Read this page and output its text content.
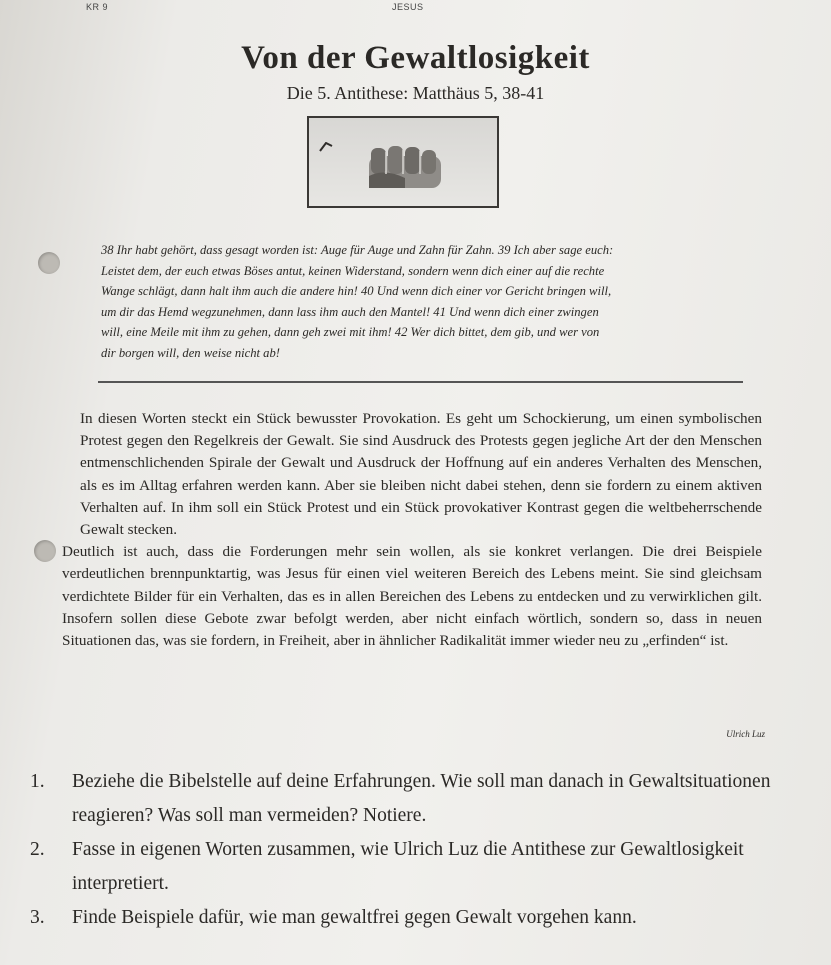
KR 9	JESUS
Von der Gewaltlosigkeit
Die 5. Antithese: Matthäus 5, 38-41
38 Ihr habt gehört, dass gesagt worden ist: Auge für Auge und Zahn für Zahn. 39 Ich aber sage euch:
Leistet dem, der euch etwas Böses antut, keinen Widerstand, sondern wenn dich einer auf die rechte
Wange schlägt, dann halt ihm auch die andere hin! 40 Und wenn dich einer vor Gericht bringen will,
um dir das Hemd wegzunehmen, dann lass ihm auch den Mantel! 41 Und wenn dich einer zwingen
will, eine Meile mit ihm zu gehen, dann geh zwei mit ihm! 42 Wer dich bittet, dem gib, und wer von
dir borgen will, den weise nicht ab!

In diesen Worten steckt ein Stück bewusster Provokation. Es geht um Schockierung, um einen symbolischen Protest gegen den Regelkreis der Gewalt. Sie sind Ausdruck des Protests gegen jegliche Art der den Menschen entmenschlichenden Spirale der Gewalt und Ausdruck der Hoffnung auf ein anderes Verhalten des Menschen, als es im Alltag erfahren werden kann. Aber sie bleiben nicht dabei stehen, denn sie fordern zu einem aktiven Verhalten auf. In ihm soll ein Stück Protest und ein Stück provokativer Kontrast gegen die weltbeherrschende Gewalt stecken.

Deutlich ist auch, dass die Forderungen mehr sein wollen, als sie konkret verlangen. Die drei Beispiele verdeutlichen brennpunktartig, was Jesus für einen viel weiteren Bereich des Lebens meint. Sie sind gleichsam verdichtete Bilder für ein Verhalten, das es in allen Bereichen des Lebens zu entdecken und zu verwirklichen gilt. Insofern sollen diese Gebote zwar befolgt werden, aber nicht einfach wörtlich, sondern so, dass in neuen Situationen das, was sie fordern, in Freiheit, aber in ähnlicher Radikalität immer wieder neu zu „erfinden“ ist.

Ulrich Luz
1.	Beziehe die Bibelstelle auf deine Erfahrungen. Wie soll man danach in Gewaltsituationen reagieren? Was soll man vermeiden? Notiere.
2.	Fasse in eigenen Worten zusammen, wie Ulrich Luz die Antithese zur Gewaltlosigkeit interpretiert.
3.	Finde Beispiele dafür, wie man gewaltfrei gegen Gewalt vorgehen kann.
